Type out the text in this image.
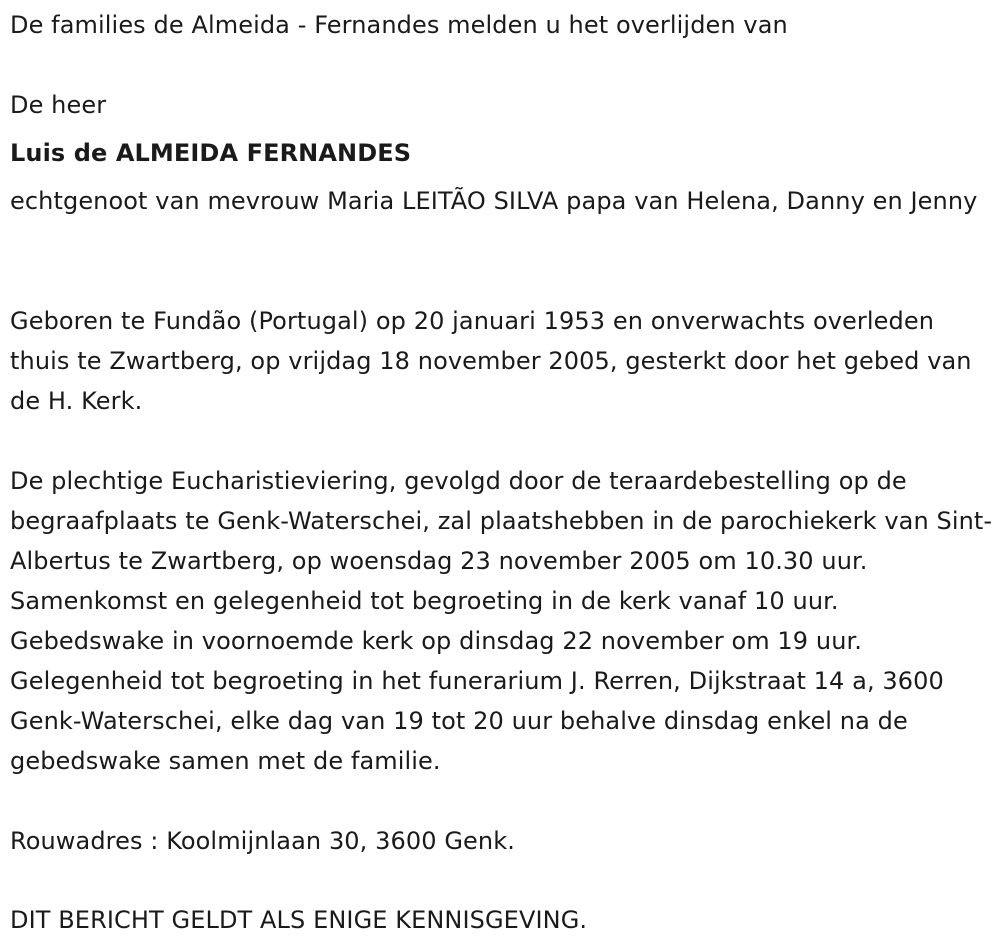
De families de Almeida - Fernandes melden u het overlijden van
De heer
Luis de ALMEIDA FERNANDES
echtgenoot van mevrouw Maria LEITÃO SILVA papa van Helena, Danny en Jenny
Geboren te Fundão (Portugal) op 20 januari 1953 en onverwachts overleden thuis te Zwartberg, op vrijdag 18 november 2005, gesterkt door het gebed van de H. Kerk.
De plechtige Eucharistieviering, gevolgd door de teraardebestelling op de begraafplaats te Genk-Waterschei, zal plaatshebben in de parochiekerk van Sint-Albertus te Zwartberg, op woensdag 23 november 2005 om 10.30 uur. Samenkomst en gelegenheid tot begroeting in de kerk vanaf 10 uur. Gebedswake in voornoemde kerk op dinsdag 22 november om 19 uur. Gelegenheid tot begroeting in het funerarium J. Rerren, Dijkstraat 14 a, 3600 Genk-Waterschei, elke dag van 19 tot 20 uur behalve dinsdag enkel na de gebedswake samen met de familie.
Rouwadres : Koolmijnlaan 30, 3600 Genk.
DIT BERICHT GELDT ALS ENIGE KENNISGEVING.
